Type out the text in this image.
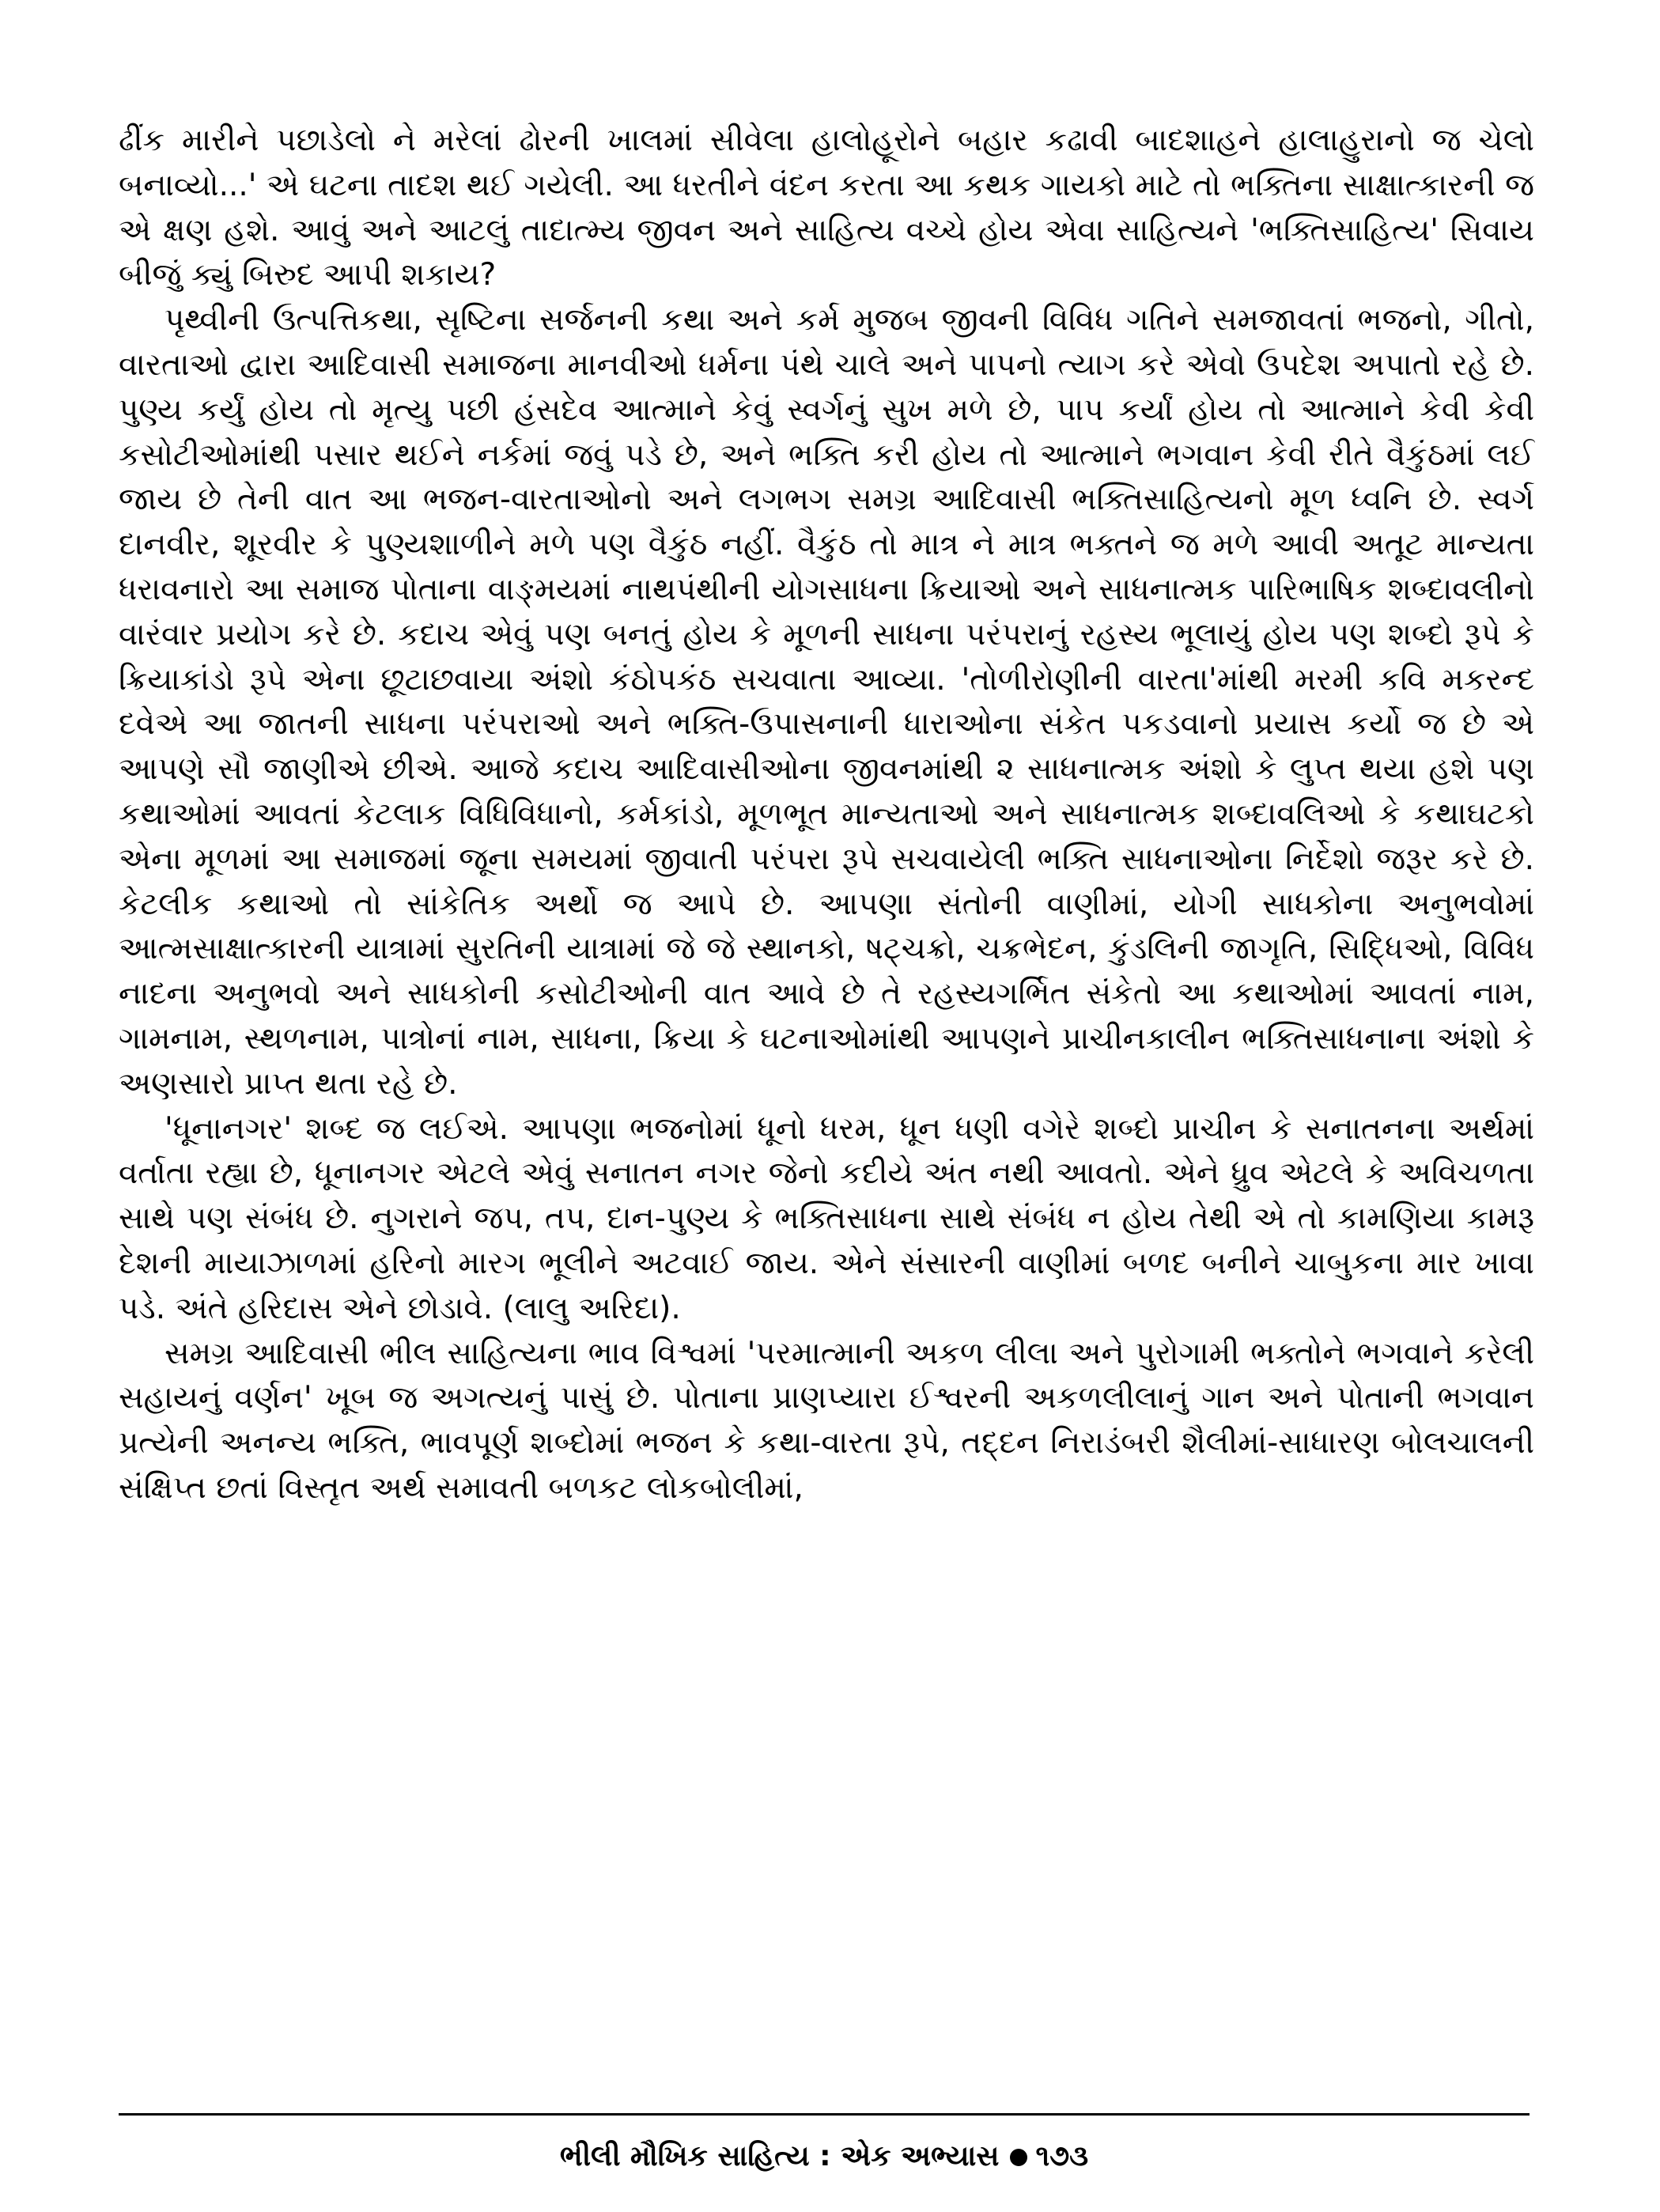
ઢીંક મારીને પછાડેલો ને મરેલાં ઢોરની ખાલમાં સીવેલા હાલોહૂરોને બહાર કઢાવી બાદશાહને હાલાહુરાનો જ ચેલો બનાવ્યો...' એ ઘટના તાદશ થઈ ગયેલી. આ ધરતીને વંદન કરતા આ કથક ગાયકો માટે તો ભક્તિના સાક્ષાત્કારની જ એ ક્ષણ હશે. આવું અને આટલું તાદાત્મ્ય જીવન અને સાહિત્ય વચ્ચે હોય એવા સાહિત્યને 'ભક્તિસાહિત્ય' સિવાય બીજું ક્યું બિરુદ આપી શકાય?

પૃથ્વીની ઉત્પત્તિકથા, સૃષ્ટિના સર્જનની કથા અને કર્મ મુજબ જીવની વિવિધ ગતિને સમજાવતાં ભજનો, ગીતો, વારતાઓ દ્વારા આદિવાસી સમાજના માનવીઓ ધર્મના પંથે ચાલે અને પાપનો ત્યાગ કરે એવો ઉપદેશ અપાતો રહે છે. પુણ્ય કર્યું હોય તો મૃત્યુ પછી હંસદેવ આત્માને કેવું સ્વર્ગનું સુખ મળે છે, પાપ કર્યાં હોય તો આત્માને કેવી કેવી કસોટીઓમાંથી પસાર થઈને નર્કમાં જવું પડે છે, અને ભક્તિ કરી હોય તો આત્માને ભગવાન કેવી રીતે વૈકુંઠમાં લઈ જાય છે તેની વાત આ ભજન-વારતાઓનો અને લગભગ સમગ્ર આદિવાસી ભક્તિસાહિત્યનો મૂળ ધ્વનિ છે. સ્વર્ગ દાનવીર, શૂરવીર કે પુણ્યશાળીને મળે પણ વૈકુંઠ નહીં. વૈકુંઠ તો માત્ર ને માત્ર ભક્તને જ મળે આવી અતૂટ માન્યતા ધરાવનારો આ સમાજ પોતાના વાઙ્મયમાં નાથપંથીની યોગસાધના ક્રિયાઓ અને સાધનાત્મક પારિભાષિક શબ્દાવલીનો વારંવાર પ્રયોગ કરે છે. કદાચ એવું પણ બનતું હોય કે મૂળની સાધના પરંપરાનું રહસ્ય ભૂલાયું હોય પણ શબ્દો રૂપે કે ક્રિયાકાંડો રૂપે એના છૂટાછવાયા અંશો કંઠોપકંઠ સચવાતા આવ્યા. 'તોળીરોણીની વારતા'માંથી મરમી કવિ મકરન્દ દવેએ આ જાતની સાધના પરંપરાઓ અને ભક્તિ-ઉપાસનાની ધારાઓના સંકેત પકડવાનો પ્રયાસ કર્યો જ છે એ આપણે સૌ જાણીએ છીએ. આજે કદાચ આદિવાસીઓના જીવનમાંથી ૨ સાધનાત્મક અંશો કે લુપ્ત થયા હશે પણ કથાઓમાં આવતાં કેટલાક વિધિવિધાનો, કર્મકાંડો, મૂળભૂત માન્યતાઓ અને સાધનાત્મક શબ્દાવલિઓ કે કથાઘટકો એના મૂળમાં આ સમાજમાં જૂના સમયમાં જીવાતી પરંપરા રૂપે સચવાયેલી ભક્તિ સાધનાઓના નિર્દેશો જરૂર કરે છે. કેટલીક કથાઓ તો સાંકેતિક અર્થો જ આપે છે. આપણા સંતોની વાણીમાં, યોગી સાધકોના અનુભવોમાં આત્મસાક્ષાત્કારની યાત્રામાં સુરતિની યાત્રામાં જે જે સ્થાનકો, ષટ્ચક્રો, ચક્રભેદન, કુંડલિની જાગૃતિ, સિદ્ધિઓ, વિવિધ નાદના અનુભવો અને સાધકોની કસોટીઓની વાત આવે છે તે રહસ્યગર્ભિત સંકેતો આ કથાઓમાં આવતાં નામ, ગામનામ, સ્થળનામ, પાત્રોનાં નામ, સાધના, ક્રિયા કે ઘટનાઓમાંથી આપણને પ્રાચીનકાલીન ભક્તિસાધનાના અંશો કે અણસારો પ્રાપ્ત થતા રહે છે.

'ધૂનાનગર' શબ્દ જ લઈએ. આપણા ભજનોમાં ધૂનો ધરમ, ધૂન ધણી વગેરે શબ્દો પ્રાચીન કે સનાતનના અર્થમાં વર્તાતા રહ્યા છે, ધૂનાનગર એટલે એવું સનાતન નગર જેનો કદીયે અંત નથી આવતો. એને ધ્રુવ એટલે કે અવિચળતા સાથે પણ સંબંધ છે. નુગરાને જપ, તપ, દાન-પુણ્ય કે ભક્તિસાધના સાથે સંબંધ ન હોય તેથી એ તો કામણિયા કામરૂ દેશની માયાઝાળમાં હરિનો મારગ ભૂલીને અટવાઈ જાય. એને સંસારની વાણીમાં બળદ બનીને ચાબુકના માર ખાવા પડે. અંતે હરિદાસ એને છોડાવે. (લાલુ અરિદા).

સમગ્ર આદિવાસી ભીલ સાહિત્યના ભાવ વિશ્વમાં 'પરમાત્માની અકળ લીલા અને પુરોગામી ભક્તોને ભગવાને કરેલી સહાયનું વર્ણન' ખૂબ જ અગત્યનું પાસું છે. પોતાના પ્રાણપ્યારા ઈશ્વરની અકળલીલાનું ગાન અને પોતાની ભગવાન પ્રત્યેની અનન્ય ભક્તિ, ભાવપૂર્ણ શબ્દોમાં ભજન કે કથા-વારતા રૂપે, તદ્દન નિરાડંબરી શૈલીમાં-સાધારણ બોલચાલની સંક્ષિપ્ત છતાં વિસ્તૃત અર્થ સમાવતી બળકટ લોકબોલીમાં,

ભીલી મૌખિક સાહિત્ય : એક અભ્યાસ ૧૭૩
